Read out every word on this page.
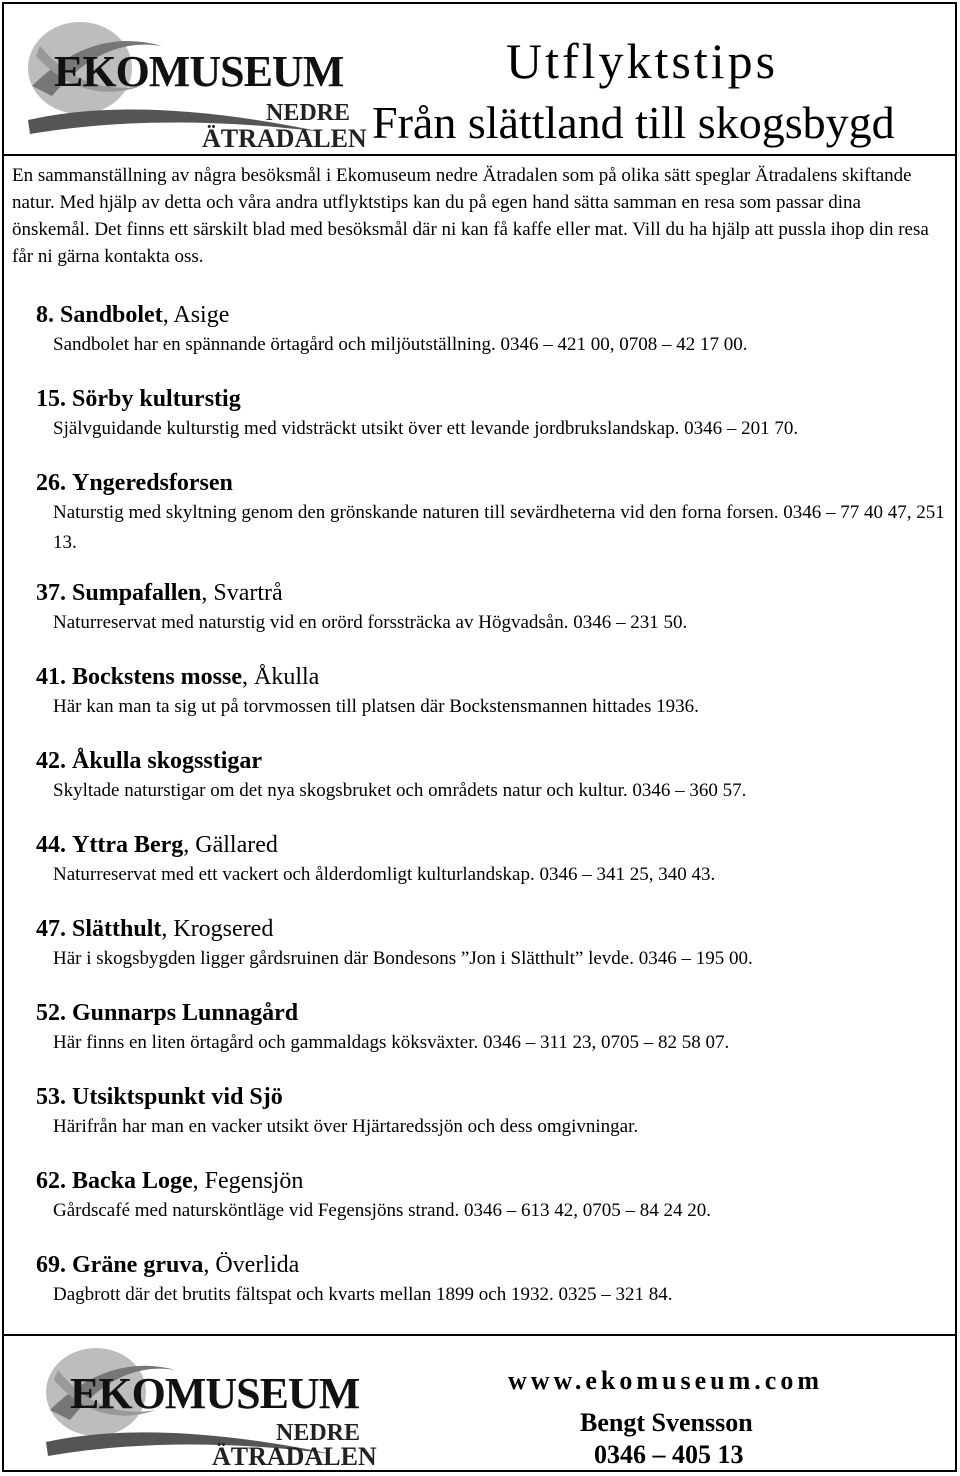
EKOMUSEUM
NEDRE
ÄTRADALEN
Utflyktstips
Från slättland till skogsbygd
En sammanställning av några besöksmål i Ekomuseum nedre Ätradalen som på olika sätt speglar Ätradalens skiftande natur. Med hjälp av detta och våra andra utflyktstips kan du på egen hand sätta samman en resa som passar dina önskemål. Det finns ett särskilt blad med besöksmål där ni kan få kaffe eller mat. Vill du ha hjälp att pussla ihop din resa får ni gärna kontakta oss.
8. Sandbolet, Asige
Sandbolet har en spännande örtagård och miljöutställning. 0346 – 421 00, 0708 – 42 17 00.
15. Sörby kulturstig
Självguidande kulturstig med vidsträckt utsikt över ett levande jordbrukslandskap. 0346 – 201 70.
26. Yngeredsforsen
Naturstig med skyltning genom den grönskande naturen till sevärdheterna vid den forna forsen. 0346 – 77 40 47, 251 13.
37. Sumpafallen, Svartrå
Naturreservat med naturstig vid en orörd forssträcka av Högvadsån. 0346 – 231 50.
41. Bockstens mosse, Åkulla
Här kan man ta sig ut på torvmossen till platsen där Bockstensmannen hittades 1936.
42. Åkulla skogsstigar
Skyltade naturstigar om det nya skogsbruket och områdets natur och kultur. 0346 – 360 57.
44. Yttra Berg, Gällared
Naturreservat med ett vackert och ålderdomligt kulturlandskap. 0346 – 341 25, 340 43.
47. Slätthult, Krogsered
Här i skogsbygden ligger gårdsruinen där Bondesons ”Jon i Slätthult” levde. 0346 – 195 00.
52. Gunnarps Lunnagård
Här finns en liten örtagård och gammaldags köksväxter. 0346 – 311 23, 0705 – 82 58 07.
53. Utsiktspunkt vid Sjö
Härifrån har man en vacker utsikt över Hjärtaredssjön och dess omgivningar.
62. Backa Loge, Fegensjön
Gårdscafé med natursköntläge vid Fegensjöns strand. 0346 – 613 42, 0705 – 84 24 20.
69. Gräne gruva, Överlida
Dagbrott där det brutits fältspat och kvarts mellan 1899 och 1932. 0325 – 321 84.
EKOMUSEUM
NEDRE
ÄTRADALEN
www.ekomuseum.com
Bengt Svensson
0346 – 405 13
